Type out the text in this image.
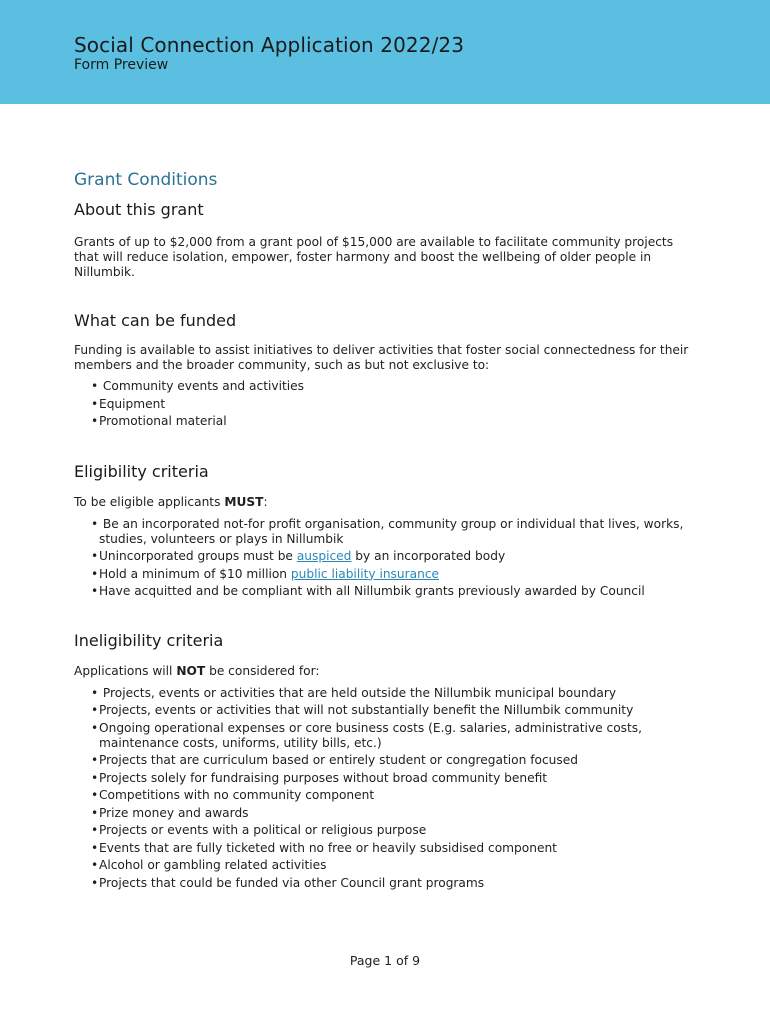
Social Connection Application 2022/23
Form Preview
Grant Conditions
About this grant

Grants of up to $2,000 from a grant pool of $15,000 are available to facilitate community projects that will reduce isolation, empower, foster harmony and boost the wellbeing of older people in Nillumbik.

What can be funded

Funding is available to assist initiatives to deliver activities that foster social connectedness for their members and the broader community, such as but not exclusive to:

• Community events and activities
•Equipment
•Promotional material
Eligibility criteria

To be eligible applicants MUST:

• Be an incorporated not-for profit organisation, community group or individual that lives, works, studies, volunteers or plays in Nillumbik
•Unincorporated groups must be auspiced by an incorporated body
•Hold a minimum of $10 million public liability insurance
•Have acquitted and be compliant with all Nillumbik grants previously awarded by Council
Ineligibility criteria

Applications will NOT be considered for:

• Projects, events or activities that are held outside the Nillumbik municipal boundary
•Projects, events or activities that will not substantially benefit the Nillumbik community
•Ongoing operational expenses or core business costs (E.g. salaries, administrative costs, maintenance costs, uniforms, utility bills, etc.)
•Projects that are curriculum based or entirely student or congregation focused
•Projects solely for fundraising purposes without broad community benefit
•Competitions with no community component
•Prize money and awards
•Projects or events with a political or religious purpose
•Events that are fully ticketed with no free or heavily subsidised component
•Alcohol or gambling related activities
•Projects that could be funded via other Council grant programs
Page 1 of 9
